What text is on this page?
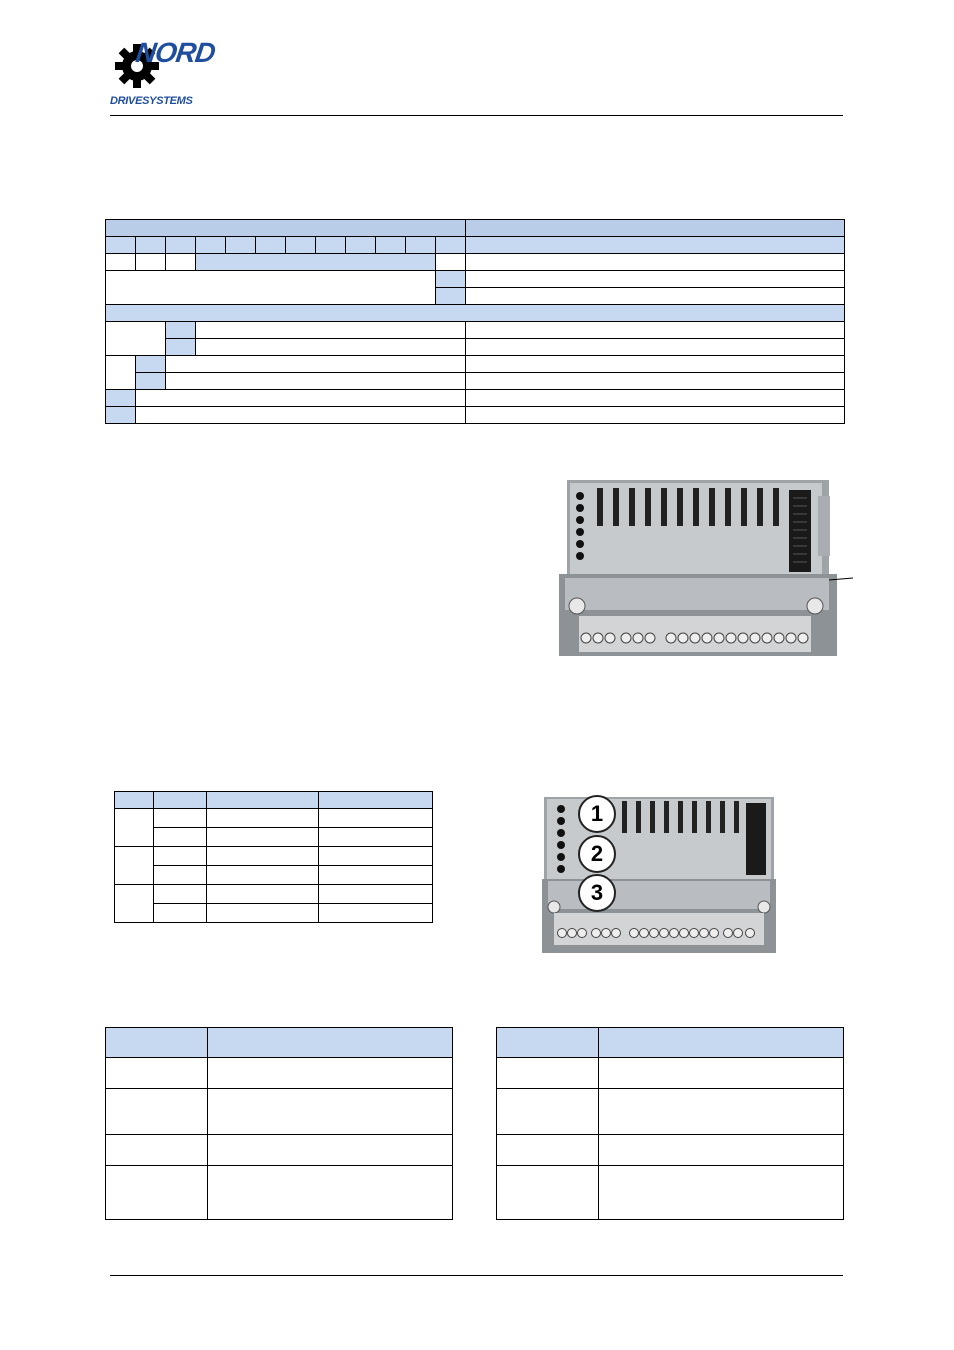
NORD
DRIVESYSTEMS

1
2
3
